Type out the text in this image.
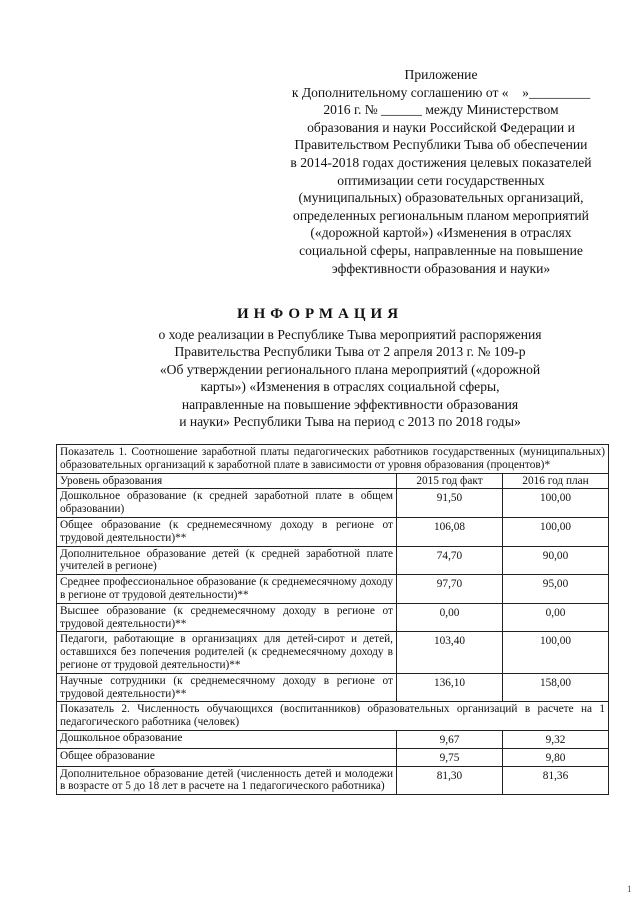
Приложение
к Дополнительному соглашению от «    »_________
2016 г. № ______ между Министерством
образования и науки Российской Федерации и
Правительством Республики Тыва об обеспечении
в 2014-2018 годах достижения целевых показателей
оптимизации сети государственных
(муниципальных) образовательных организаций,
определенных региональным планом мероприятий
(«дорожной картой») «Изменения в отраслях
социальной сферы, направленные на повышение
эффективности образования и науки»
ИНФОРМАЦИЯ
о ходе реализации в Республике Тыва мероприятий распоряжения
Правительства Республики Тыва от 2 апреля 2013 г. № 109-р
«Об утверждении регионального плана мероприятий («дорожной
карты») «Изменения в отраслях социальной сферы,
направленные на повышение эффективности образования
и науки» Республики Тыва на период с 2013 по 2018 годы»
Показатель 1. Соотношение заработной платы педагогических работников государственных (муниципальных) образовательных организаций к заработной плате в зависимости от уровня образования (процентов)*		
Уровень образования	2015 год факт	2016 год план
Дошкольное образование (к средней заработной плате в общем образовании)	91,50	100,00
Общее образование (к среднемесячному доходу в регионе от трудовой деятельности)**	106,08	100,00
Дополнительное образование детей (к средней заработной плате учителей в регионе)	74,70	90,00
Среднее профессиональное образование (к среднемесячному доходу в регионе от трудовой деятельности)**	97,70	95,00
Высшее образование (к среднемесячному доходу в регионе от трудовой деятельности)**	0,00	0,00
Педагоги, работающие в организациях для детей-сирот и детей, оставшихся без попечения родителей (к среднемесячному доходу в регионе от трудовой деятельности)**	103,40	100,00
Научные сотрудники (к среднемесячному доходу в регионе от трудовой деятельности)**	136,10	158,00
Показатель 2. Численность обучающихся (воспитанников) образовательных организаций в расчете на 1 педагогического работника (человек)		
Дошкольное образование	9,67	9,32
Общее образование	9,75	9,80
Дополнительное образование детей (численность детей и молодежи в возрасте от 5 до 18 лет в расчете на 1 педагогического работника)	81,30	81,36
1
